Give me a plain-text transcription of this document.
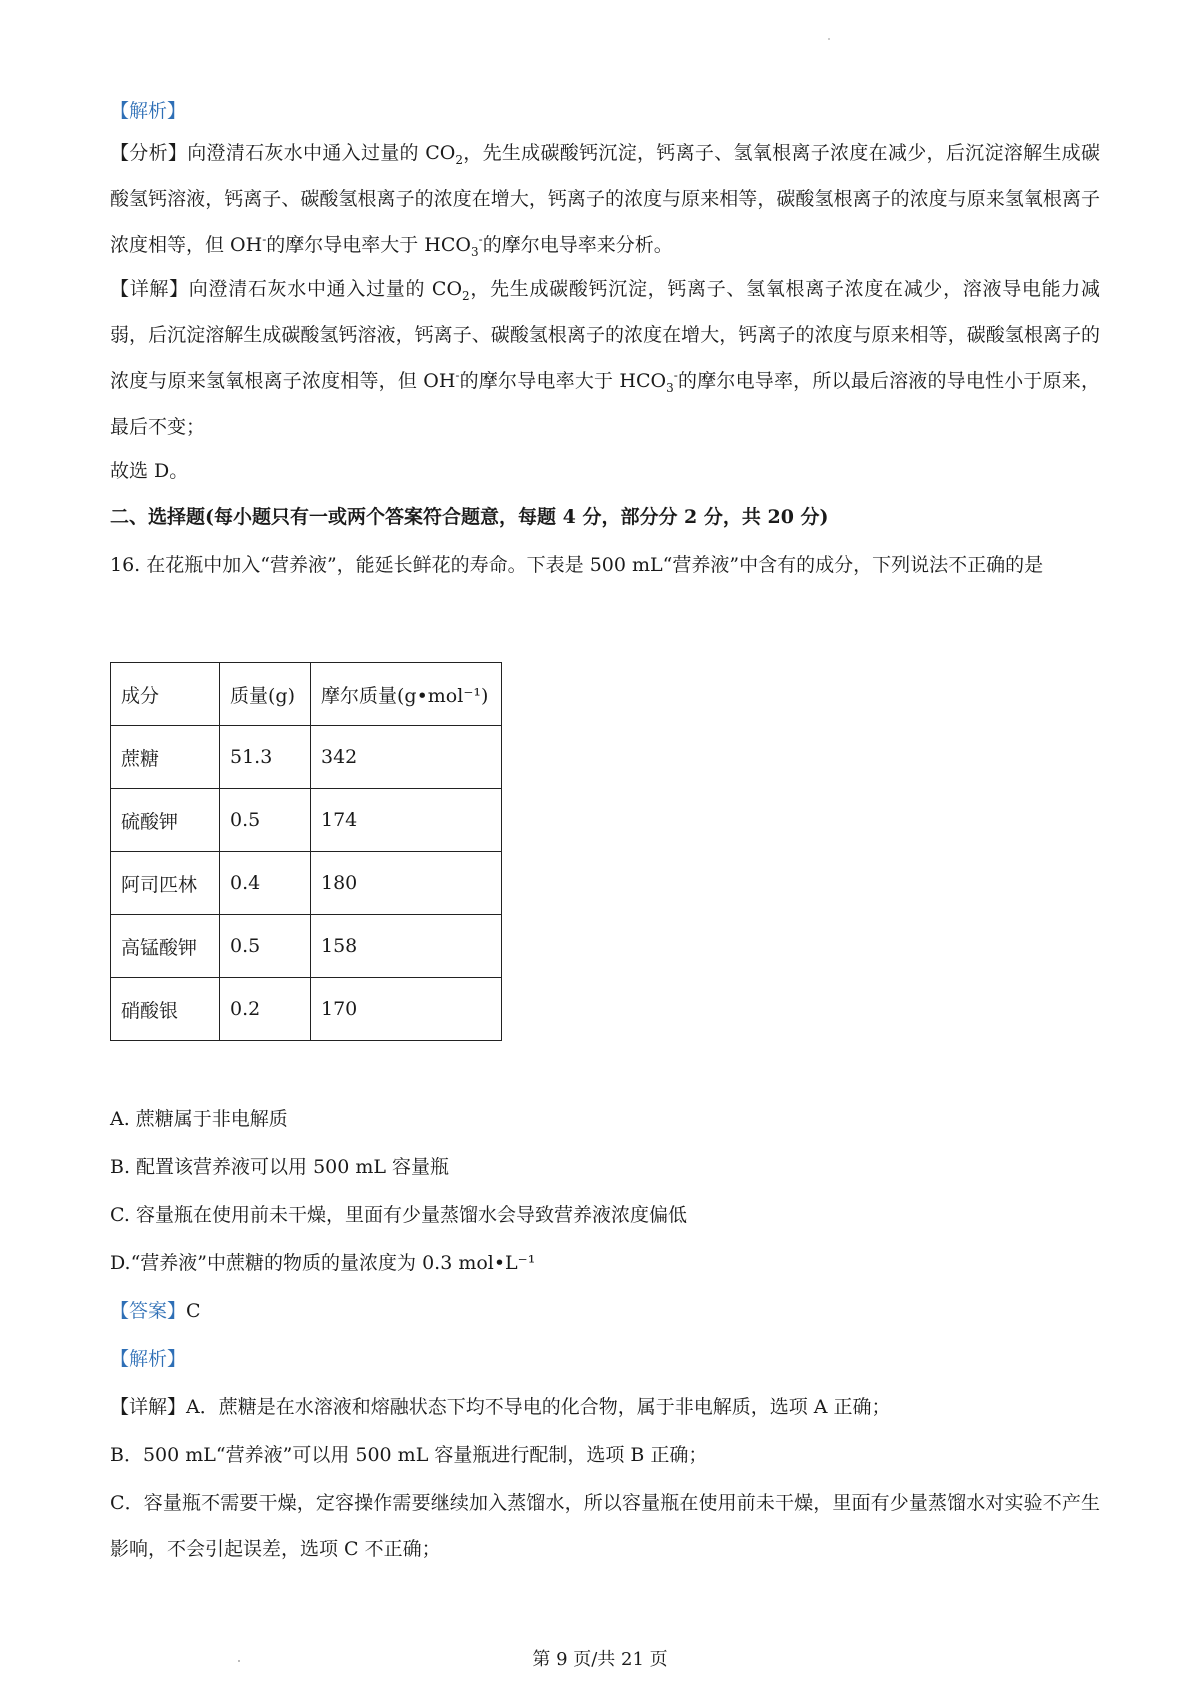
【解析】

【分析】向澄清石灰水中通入过量的 $CO_2$，先生成碳酸钙沉淀，钙离子、氢氧根离子浓度在减少，后沉淀溶解生成碳酸氢钙溶液，钙离子、碳酸氢根离子的浓度在增大，钙离子的浓度与原来相等，碳酸氢根离子的浓度与原来氢氧根离子浓度相等，但 OH-的摩尔导电率大于 $HCO_3^-$的摩尔电导率来分析。

【详解】向澄清石灰水中通入过量的 $CO_2$，先生成碳酸钙沉淀，钙离子、氢氧根离子浓度在减少，溶液导电能力减弱，后沉淀溶解生成碳酸氢钙溶液，钙离子、碳酸氢根离子的浓度在增大，钙离子的浓度与原来相等，碳酸氢根离子的浓度与原来氢氧根离子浓度相等，但 OH-的摩尔导电率大于 $HCO_3^-$的摩尔电导率，所以最后溶液的导电性小于原来，最后不变；

故选 D。

二、选择题(每小题只有一或两个答案符合题意，每题 4 分，部分分 2 分，共 20 分)

16. 在花瓶中加入“营养液”，能延长鲜花的寿命。下表是 500 mL“营养液”中含有的成分，下列说法不正确的是

成分	质量(g)	摩尔质量(g•mol⁻¹)
蔗糖	51.3	342
硫酸钾	0.5	174
阿司匹林	0.4	180
高锰酸钾	0.5	158
硝酸银	0.2	170

A. 蔗糖属于非电解质

B. 配置该营养液可以用 500 mL 容量瓶

C. 容量瓶在使用前未干燥，里面有少量蒸馏水会导致营养液浓度偏低

D.“营养液”中蔗糖的物质的量浓度为 0.3 mol•L⁻¹

【答案】C

【解析】

【详解】A．蔗糖是在水溶液和熔融状态下均不导电的化合物，属于非电解质，选项 A 正确；

B．500 mL“营养液”可以用 500 mL 容量瓶进行配制，选项 B 正确；

C．容量瓶不需要干燥，定容操作需要继续加入蒸馏水，所以容量瓶在使用前未干燥，里面有少量蒸馏水对实验不产生影响，不会引起误差，选项 C 不正确；

第 9 页/共 21 页
